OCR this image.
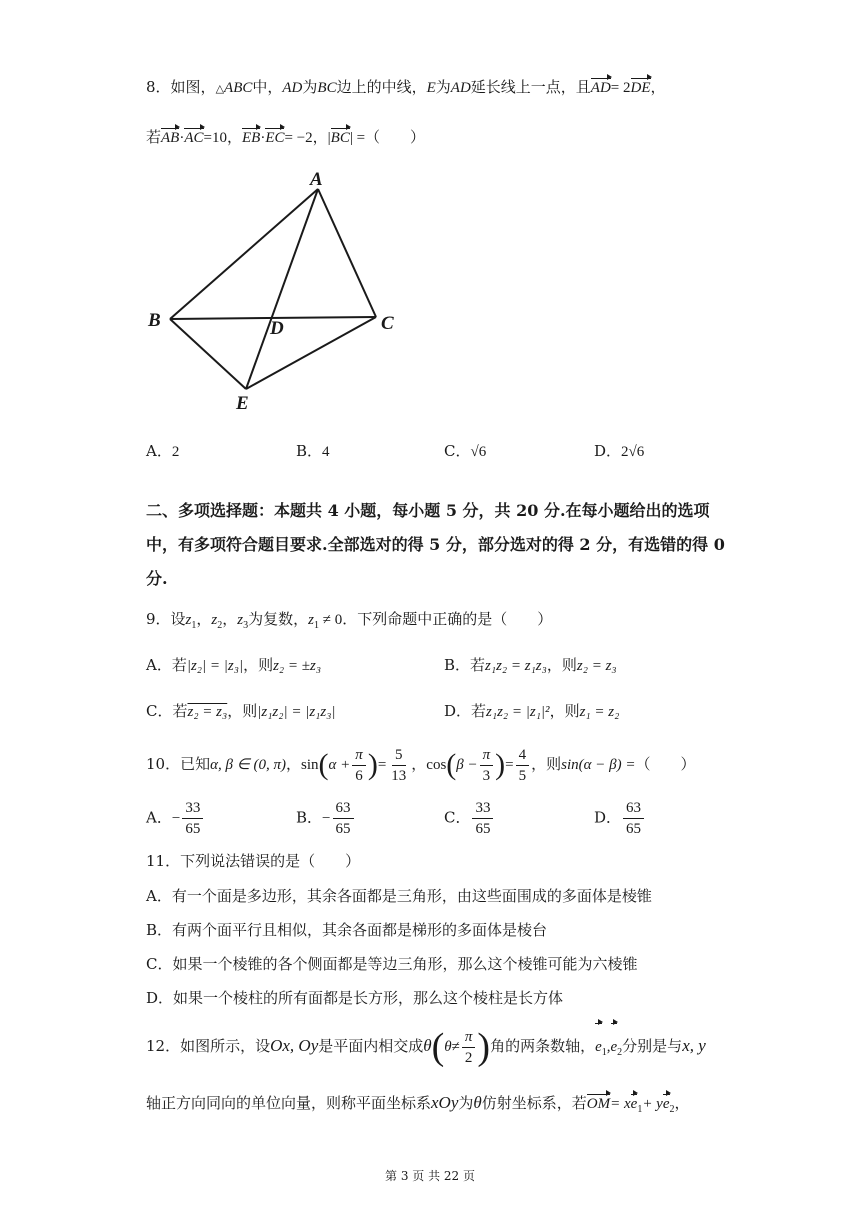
8．如图，△ABC中，AD为BC边上的中线，E为AD延长线上一点，且AD= 2DE，
若AB·AC=10，EB·EC= −2，|BC| =（　　）
A
B	C
D
E
A．2	B．4	C．√6	D．2√6
二、多项选择题：本题共 4 小题，每小题 5 分，共 20 分.在每小题给出的选项中，有多项符合题目要求.全部选对的得 5 分，部分选对的得 2 分，有选错的得 0 分.
9．设$z_1$，$z_2$，$z_3$为复数，$z_1 \ne 0$．下列命题中正确的是（　　）
A．若|z₂| = |z₃|，则z₂ = ±z₃	B．若z₁z₂ = z₁z₃，则z₂ = z₃
C．若z₂ = z₃，则|z₁z₂| = |z₁z₃|	D．若z₁z₂ = |z₁|²，则z₁ = z₂
10．已知α, β ∈ (0, π)，$\sin(\alpha + \frac{\pi}{6}$ )= $\frac{5}{13}$ ，$\cos(\beta - \frac{\pi}{3}$ )= $\frac{4}{5}$ ，则sin(α − β) =（　　）
A．− $\frac{33}{65}$	B．− $\frac{63}{65}$	C． $\frac{33}{65}$	D． $\frac{63}{65}$
11．下列说法错误的是（　　）
A．有一个面是多边形，其余各面都是三角形，由这些面围成的多面体是棱锥
B．有两个面平行且相似，其余各面都是梯形的多面体是棱台
C．如果一个棱锥的各个侧面都是等边三角形，那么这个棱锥可能为六棱锥
D．如果一个棱柱的所有面都是长方形，那么这个棱柱是长方体
12．如图所示，设Ox, Oy是平面内相交成$\theta(\theta\ne \frac{\pi}{2}$ )角的两条数轴，$e_1,e_2$分别是与x, y
轴正方向同向的单位向量，则称平面坐标系xOy为θ仿射坐标系，若$OM= xe_1+ ye_2$，
第 3 页 共 22 页
